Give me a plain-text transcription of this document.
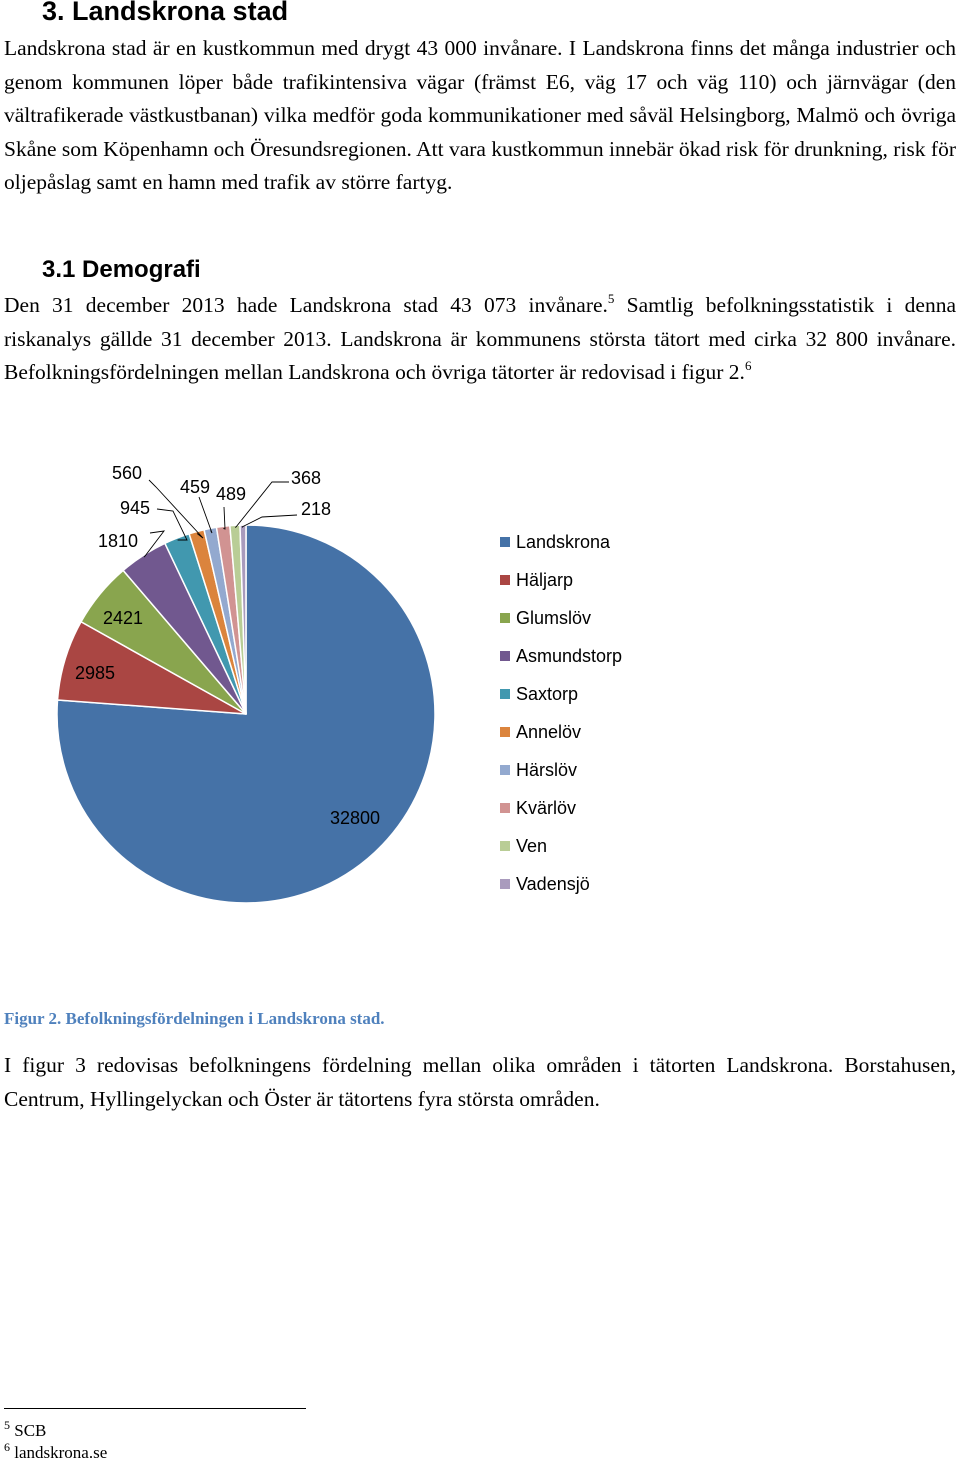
3. Landskrona stad

Landskrona stad är en kustkommun med drygt 43 000 invånare. I Landskrona finns det många industrier och genom kommunen löper både trafikintensiva vägar (främst E6, väg 17 och väg 110) och järnvägar (den vältrafikerade västkustbanan) vilka medför goda kommunikationer med såväl Helsingborg, Malmö och övriga Skåne som Köpenhamn och Öresundsregionen. Att vara kustkommun innebär ökad risk för drunkning, risk för oljepåslag samt en hamn med trafik av större fartyg.

3.1 Demografi

Den 31 december 2013 hade Landskrona stad 43 073 invånare.$^5$ Samtlig befolkningsstatistik i denna riskanalys gällde 31 december 2013. Landskrona är kommunens största tätort med cirka 32 800 invånare. Befolkningsfördelningen mellan Landskrona och övriga tätorter är redovisad i figur 2.$^6$

32800
2985
2421
1810
945
560
459 489
368
218
Landskrona
Häljarp
Glumslöv
Asmundstorp
Saxtorp
Annelöv
Härslöv
Kvärlöv
Ven
Vadensjö

Figur 2. Befolkningsfördelningen i Landskrona stad.

I figur 3 redovisas befolkningens fördelning mellan olika områden i tätorten Landskrona. Borstahusen, Centrum, Hyllingelyckan och Öster är tätortens fyra största områden.

$^5$ SCB

$^6$ landskrona.se
